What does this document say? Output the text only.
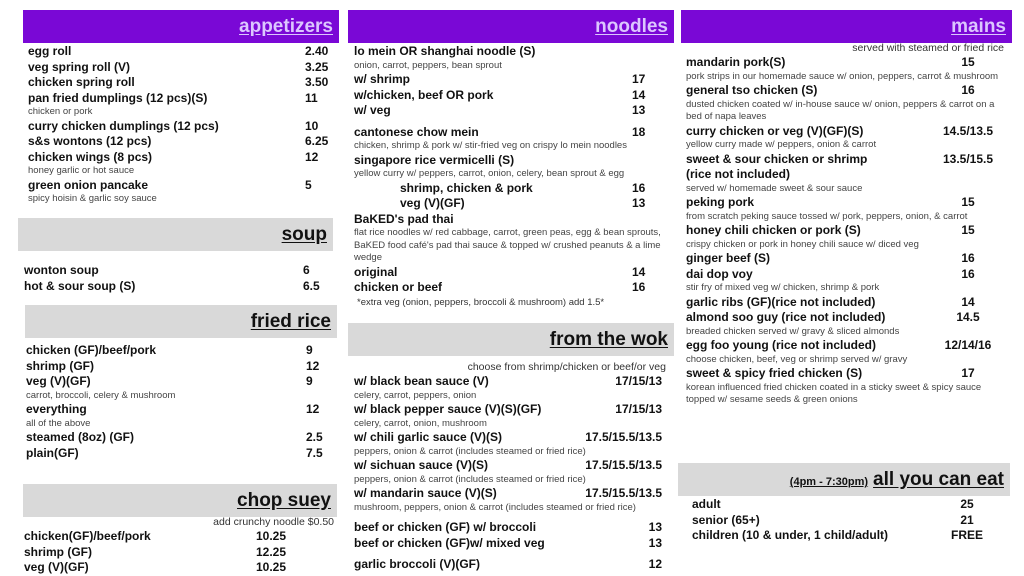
appetizers
egg roll	2.40
veg spring roll (V)	3.25
chicken spring roll	3.50
pan fried dumplings (12 pcs)(S)	11
chicken or pork
curry chicken dumplings (12 pcs)	10
s&s wontons (12 pcs)	6.25
chicken wings (8 pcs)	12
honey garlic or hot sauce
green onion pancake	5
spicy hoisin & garlic soy sauce
soup
wonton soup	6
hot & sour soup (S)	6.5
fried rice
chicken (GF)/beef/pork	9
shrimp (GF)	12
veg (V)(GF)	9
carrot, broccoli, celery & mushroom
everything	12
all of the above
steamed (8oz) (GF)	2.5
plain(GF)	7.5
chop suey
add crunchy noodle $0.50
chicken(GF)/beef/pork	10.25
shrimp (GF)	12.25
veg (V)(GF)	10.25
noodles
lo mein OR shanghai noodle (S)
onion, carrot, peppers, bean sprout
w/ shrimp	17
w/chicken, beef OR pork	14
w/ veg	13
cantonese chow mein	18
chicken, shrimp & pork w/ stir-fried veg on crispy lo mein noodles
singapore rice vermicelli (S)
yellow curry w/ peppers, carrot, onion, celery, bean sprout & egg
shrimp, chicken & pork	16
veg (V)(GF)	13
BaKED's pad thai
flat rice noodles w/ red cabbage, carrot, green peas, egg & bean sprouts, BaKED food café's pad thai sauce & topped w/ crushed peanuts & a lime wedge
original	14
chicken or beef	16
*extra veg (onion, peppers, broccoli & mushroom) add 1.5*
from the wok
choose from shrimp/chicken or beef/or veg
w/ black bean sauce (V)	17/15/13
celery, carrot, peppers, onion
w/ black pepper sauce (V)(S)(GF)	17/15/13
celery, carrot, onion, mushroom
w/ chili garlic sauce (V)(S)	17.5/15.5/13.5
peppers, onion & carrot (includes steamed or fried rice)
w/ sichuan sauce (V)(S)	17.5/15.5/13.5
peppers, onion & carrot (includes steamed or fried rice)
w/ mandarin sauce (V)(S)	17.5/15.5/13.5
mushroom, peppers, onion & carrot (includes steamed or fried rice)
beef or chicken (GF) w/ broccoli	13
beef or chicken (GF)w/ mixed veg	13
garlic broccoli (V)(GF)	12
mains
served with steamed or fried rice
mandarin pork(S)	15
pork strips in our homemade sauce w/ onion, peppers, carrot & mushroom
general tso chicken (S)	16
dusted chicken coated w/ in-house sauce w/ onion, peppers & carrot on a bed of napa leaves
curry chicken or veg (V)(GF)(S)	14.5/13.5
yellow curry made w/ peppers, onion & carrot
sweet & sour chicken or shrimp	13.5/15.5
(rice not included)
served w/ homemade sweet & sour sauce
peking pork	15
from scratch peking sauce tossed w/ pork, peppers, onion, & carrot
honey chili chicken or pork (S)	15
crispy chicken or pork in honey chili sauce w/ diced veg
ginger beef (S)	16
dai dop voy	16
stir fry of mixed veg w/ chicken, shrimp & pork
garlic ribs (GF)(rice not included)	14
almond soo guy (rice not included)	14.5
breaded chicken served w/ gravy & sliced almonds
egg foo young (rice not included)	12/14/16
choose chicken, beef, veg or shrimp served w/ gravy
sweet & spicy fried chicken (S)	17
korean influenced fried chicken coated in a sticky sweet & spicy sauce topped w/ sesame seeds & green onions
(4pm - 7:30pm) all you can eat
adult	25
senior (65+)	21
children (10 & under, 1 child/adult)	FREE
